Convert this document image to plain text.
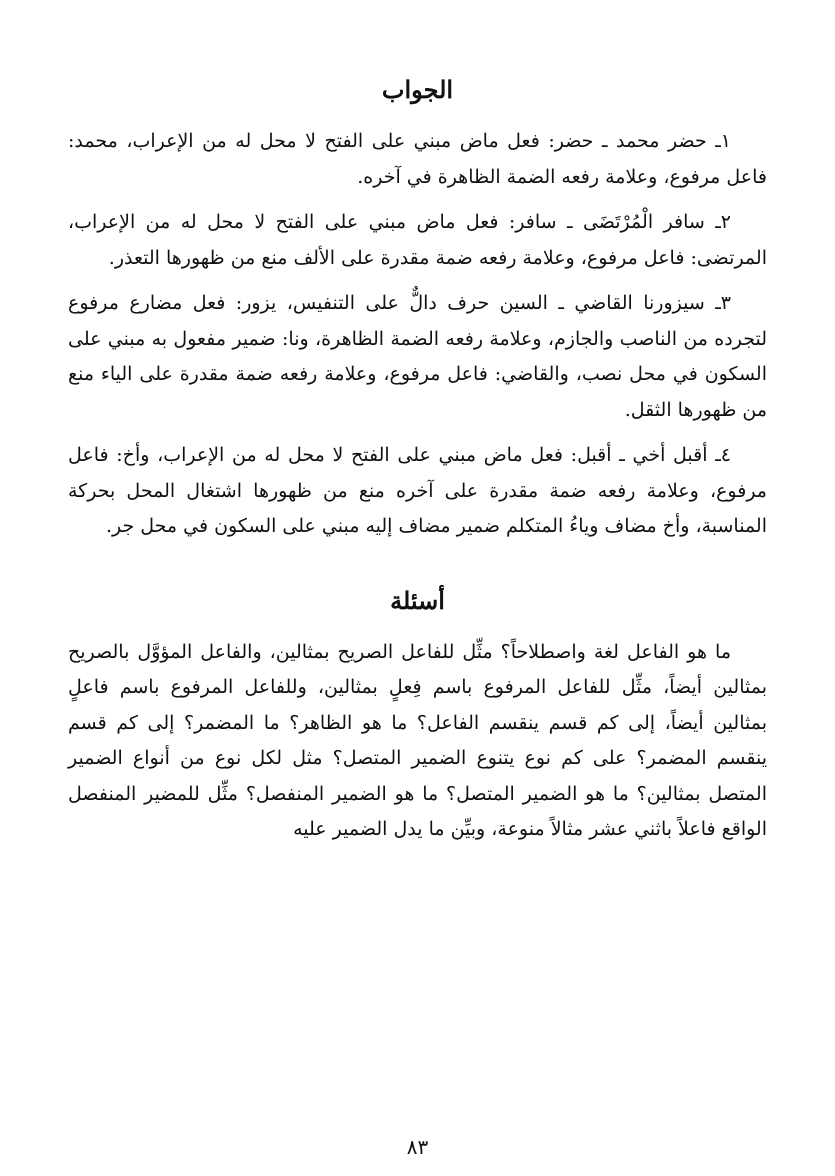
الجواب

١ـ حضر محمد ـ حضر: فعل ماض مبني على الفتح لا محل له من الإعراب، محمد: فاعل مرفوع، وعلامة رفعه الضمة الظاهرة في آخره.

٢ـ سافر الْمُرْتَضَى ـ سافر: فعل ماض مبني على الفتح لا محل له من الإعراب، المرتضى: فاعل مرفوع، وعلامة رفعه ضمة مقدرة على الألف منع من ظهورها التعذر.

٣ـ سيزورنا القاضي ـ السين حرف دالٌّ على التنفيس، يزور: فعل مضارع مرفوع لتجرده من الناصب والجازم، وعلامة رفعه الضمة الظاهرة، ونا: ضمير مفعول به مبني على السكون في محل نصب، والقاضي: فاعل مرفوع، وعلامة رفعه ضمة مقدرة على الياء منع من ظهورها الثقل.

٤ـ أقبل أخي ـ أقبل: فعل ماض مبني على الفتح لا محل له من الإعراب، وأخ: فاعل مرفوع، وعلامة رفعه ضمة مقدرة على آخره منع من ظهورها اشتغال المحل بحركة المناسبة، وأخ مضاف وياءُ المتكلم ضمير مضاف إليه مبني على السكون في محل جر.

أسئلة

ما هو الفاعل لغة واصطلاحاً؟ مثِّل للفاعل الصريح بمثالين، والفاعل المؤوَّل بالصريح بمثالين أيضاً، مثِّل للفاعل المرفوع باسم فِعلٍ بمثالين، وللفاعل المرفوع باسم فاعلٍ بمثالين أيضاً، إلى كم قسم ينقسم الفاعل؟ ما هو الظاهر؟ ما المضمر؟ إلى كم قسم ينقسم المضمر؟ على كم نوع يتنوع الضمير المتصل؟ مثل لكل نوع من أنواع الضمير المتصل بمثالين؟ ما هو الضمير المتصل؟ ما هو الضمير المنفصل؟ مثِّل للمضير المنفصل الواقع فاعلاً باثني عشر مثالاً منوعة، وبيِّن ما يدل الضمير عليه

٨٣
